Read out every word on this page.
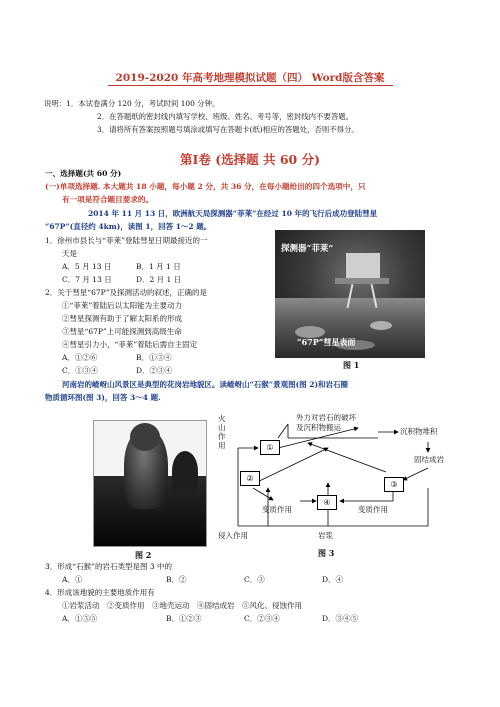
2019-2020 年高考地理模拟试题（四） Word版含答案
说明：1．本试卷满分 120 分，考试时间 100 分钟。
2．在答题纸的密封线内填写学校、班级、姓名、考号等，密封线内不要答题。
3．请将所有答案按照题号填涂或填写在答题卡(纸)相应的答题处，否则不得分。
第Ⅰ卷 (选择题 共 60 分)
一、选择题(共 60 分)
(一)单项选择题. 本大题共 18 小题，每小题 2 分，共 36 分，在每小题给出的四个选项中，只
有一项是符合题目要求的。
2014 年 11 月 13 日，欧洲航天局探测器“菲莱”在经过 10 年的飞行后成功登陆彗星
“67P”(直径约 4km)，读图 1，回答 1～2 题。
1．徐州市县长与“菲莱”登陆彗星日期最接近的一
天是
A．5 月 13 日	B．1 月 1 日
C．7 月 13 日	D．2 月 1 日
2．关于彗星“67P”及探测活动的叙述，正确的是
①“菲莱”着陆后以太阳能为主要动力
②彗星探测有助于了解太阳系的形成
③彗星“67P”上可能探测到高级生命
④彗星引力小，“菲莱”着陆后需自主固定
A．①②⑥	B．①③④
C．①③④	D．②③④
探测器“菲莱”
“67P”彗星表面
图 1
河南岩的嵖岈山风景区是典型的花岗岩地貌区。读嵖岈山“石猴”景观图(图 2)和岩石圈
物质循环图(图 3)，回答 3～4 题.
图 2
①
②
③
④
火山作用
外力对岩石的破坏
及沉积物搬运	沉积物堆积
固结成岩
变质作用	变质作用
侵入作用	岩浆
图 3
3．形成“石猴”的岩石类型是图 3 中的
A．①	B．②	C．③	D．④
4．形成该地貌的主要地质作用有
①岩浆活动　②变质作用　③地壳运动　④固结成岩　⑤风化、侵蚀作用
A．①③⑤	B．①②③	C．②③④	D．③④⑤
